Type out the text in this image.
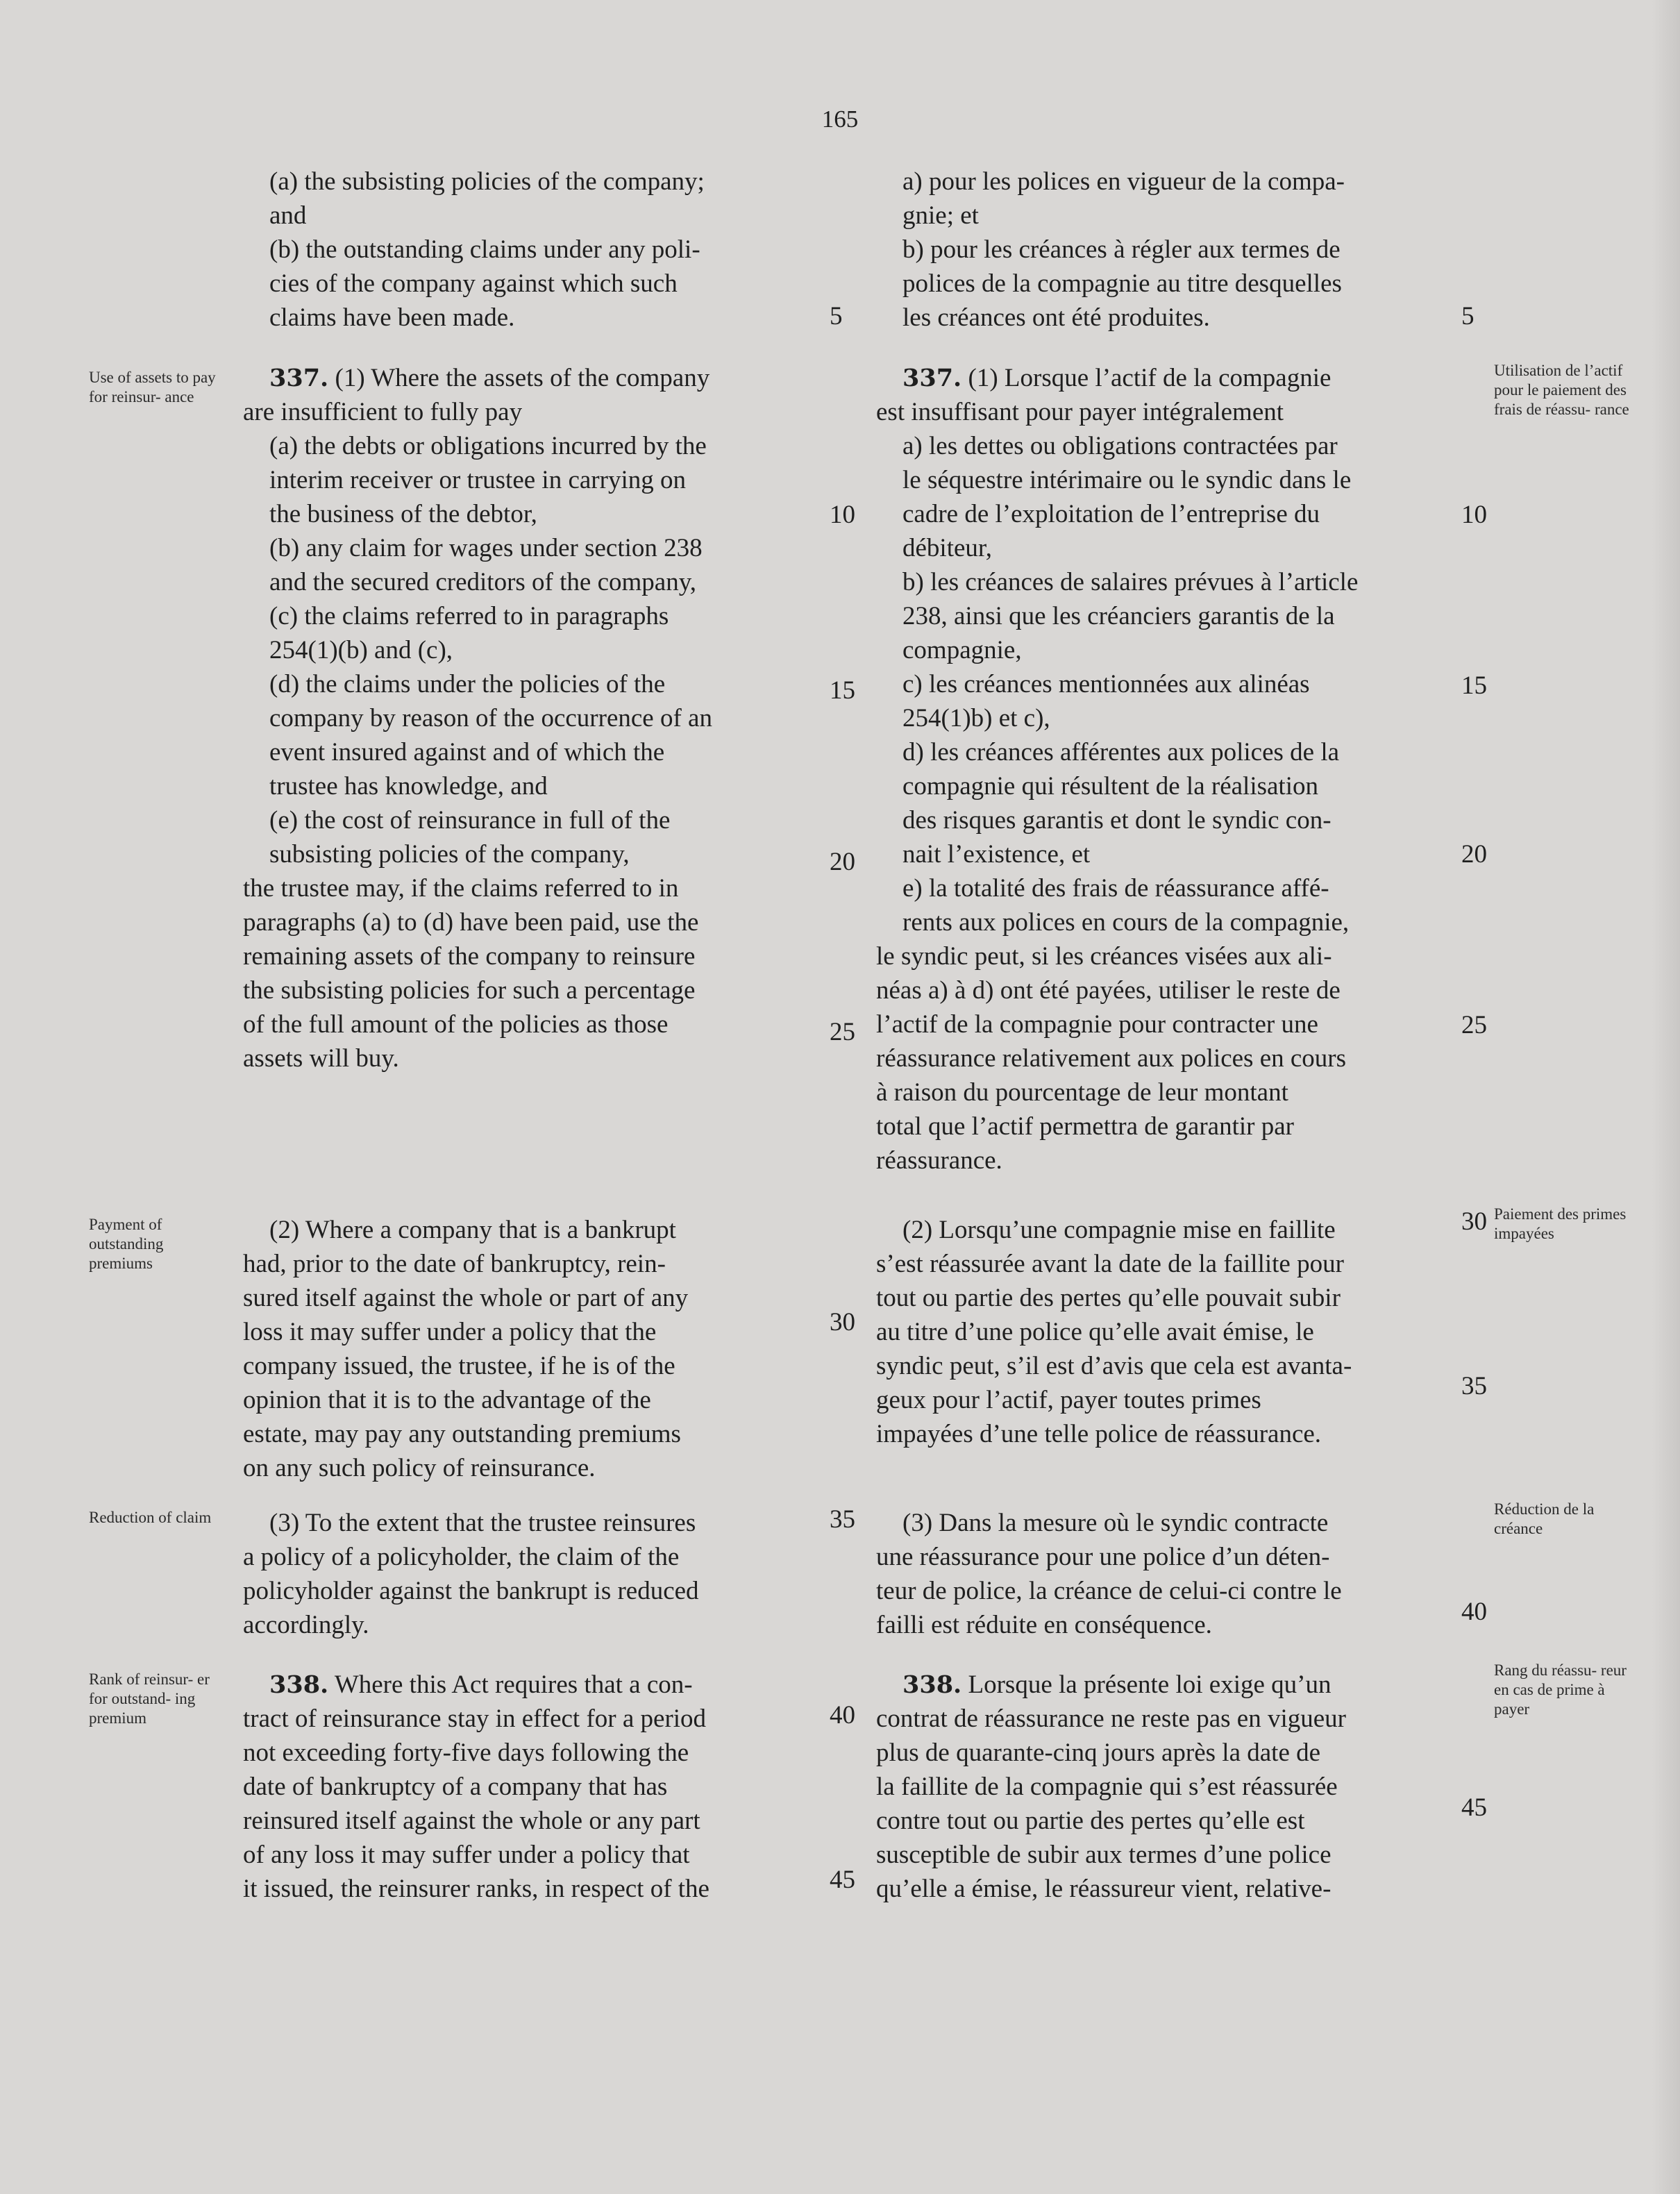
165
Use of assets to pay for reinsur- ance
Payment of outstanding premiums
Reduction of claim
Rank of reinsur- er for outstand- ing premium
Utilisation de l’actif pour le paiement des frais de réassu- rance
Paiement des primes impayées
Réduction de la créance
Rang du réassu- reur en cas de prime à payer
(a) the subsisting policies of the company;
and
(b) the outstanding claims under any poli-
cies of the company against which such
claims have been made.
337. (1) Where the assets of the company
are insufficient to fully pay
(a) the debts or obligations incurred by the
interim receiver or trustee in carrying on
the business of the debtor,
(b) any claim for wages under section 238
and the secured creditors of the company,
(c) the claims referred to in paragraphs
254(1)(b) and (c),
(d) the claims under the policies of the
company by reason of the occurrence of an
event insured against and of which the
trustee has knowledge, and
(e) the cost of reinsurance in full of the
subsisting policies of the company,
the trustee may, if the claims referred to in
paragraphs (a) to (d) have been paid, use the
remaining assets of the company to reinsure
the subsisting policies for such a percentage
of the full amount of the policies as those
assets will buy.
(2) Where a company that is a bankrupt
had, prior to the date of bankruptcy, rein-
sured itself against the whole or part of any
loss it may suffer under a policy that the
company issued, the trustee, if he is of the
opinion that it is to the advantage of the
estate, may pay any outstanding premiums
on any such policy of reinsurance.
(3) To the extent that the trustee reinsures
a policy of a policyholder, the claim of the
policyholder against the bankrupt is reduced
accordingly.
338. Where this Act requires that a con-
tract of reinsurance stay in effect for a period
not exceeding forty-five days following the
date of bankruptcy of a company that has
reinsured itself against the whole or any part
of any loss it may suffer under a policy that
it issued, the reinsurer ranks, in respect of the
5
10
15
20
25
30
35
40
45
a) pour les polices en vigueur de la compa-
gnie; et
b) pour les créances à régler aux termes de
polices de la compagnie au titre desquelles
les créances ont été produites.
337. (1) Lorsque l’actif de la compagnie
est insuffisant pour payer intégralement
a) les dettes ou obligations contractées par
le séquestre intérimaire ou le syndic dans le
cadre de l’exploitation de l’entreprise du
débiteur,
b) les créances de salaires prévues à l’article
238, ainsi que les créanciers garantis de la
compagnie,
c) les créances mentionnées aux alinéas
254(1)b) et c),
d) les créances afférentes aux polices de la
compagnie qui résultent de la réalisation
des risques garantis et dont le syndic con-
nait l’existence, et
e) la totalité des frais de réassurance affé-
rents aux polices en cours de la compagnie,
le syndic peut, si les créances visées aux ali-
néas a) à d) ont été payées, utiliser le reste de
l’actif de la compagnie pour contracter une
réassurance relativement aux polices en cours
à raison du pourcentage de leur montant
total que l’actif permettra de garantir par
réassurance.
(2) Lorsqu’une compagnie mise en faillite
s’est réassurée avant la date de la faillite pour
tout ou partie des pertes qu’elle pouvait subir
au titre d’une police qu’elle avait émise, le
syndic peut, s’il est d’avis que cela est avanta-
geux pour l’actif, payer toutes primes
impayées d’une telle police de réassurance.
(3) Dans la mesure où le syndic contracte
une réassurance pour une police d’un déten-
teur de police, la créance de celui-ci contre le
failli est réduite en conséquence.
338. Lorsque la présente loi exige qu’un
contrat de réassurance ne reste pas en vigueur
plus de quarante-cinq jours après la date de
la faillite de la compagnie qui s’est réassurée
contre tout ou partie des pertes qu’elle est
susceptible de subir aux termes d’une police
qu’elle a émise, le réassureur vient, relative-
5
10
15
20
25
30
35
40
45
